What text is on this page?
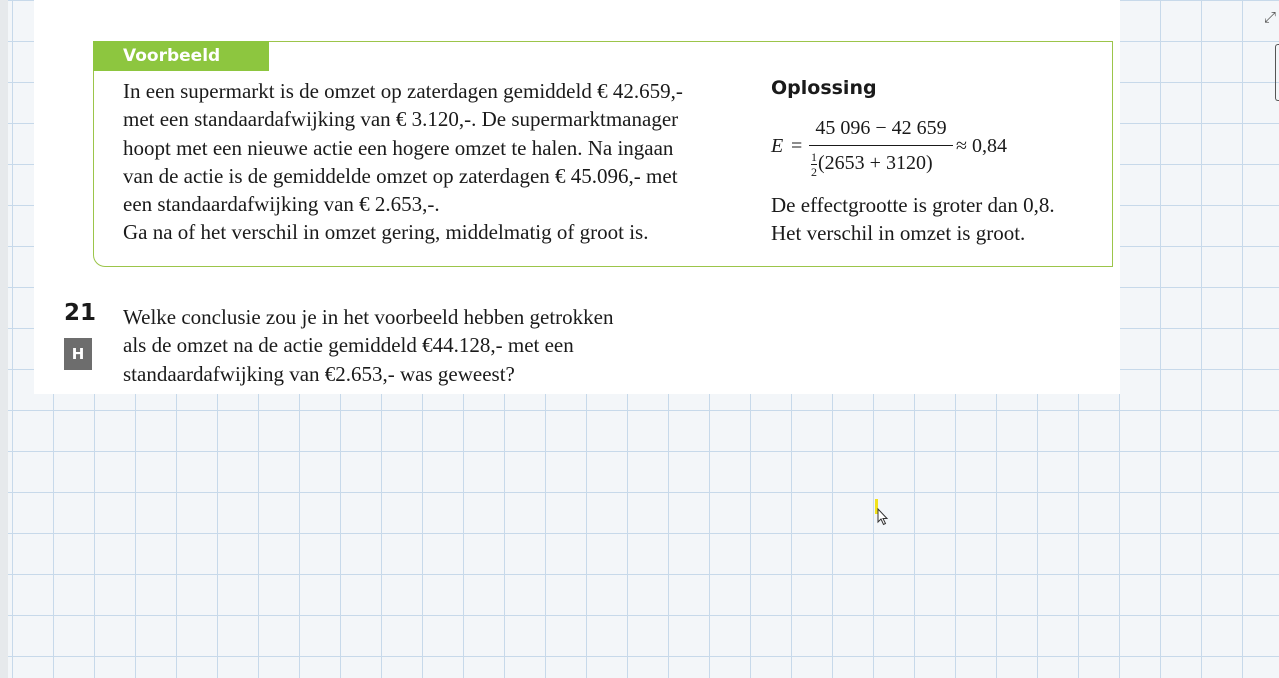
Voorbeeld
In een supermarkt is de omzet op zaterdagen gemiddeld € 42.659,-
met een standaardafwijking van € 3.120,-. De supermarktmanager
hoopt met een nieuwe actie een hogere omzet te halen. Na ingaan
van de actie is de gemiddelde omzet op zaterdagen € 45.096,- met
een standaardafwijking van € 2.653,-.
Ga na of het verschil in omzet gering, middelmatig of groot is.
Oplossing
E =
45 096 − 42 659
$\frac{1}{2} (2653 + 3120)$
≈ 0,84
De effectgrootte is groter dan 0,8.
Het verschil in omzet is groot.
21
H
Welke conclusie zou je in het voorbeeld hebben getrokken
als de omzet na de actie gemiddeld €44.128,- met een
standaardafwijking van €2.653,- was geweest?
⤢
